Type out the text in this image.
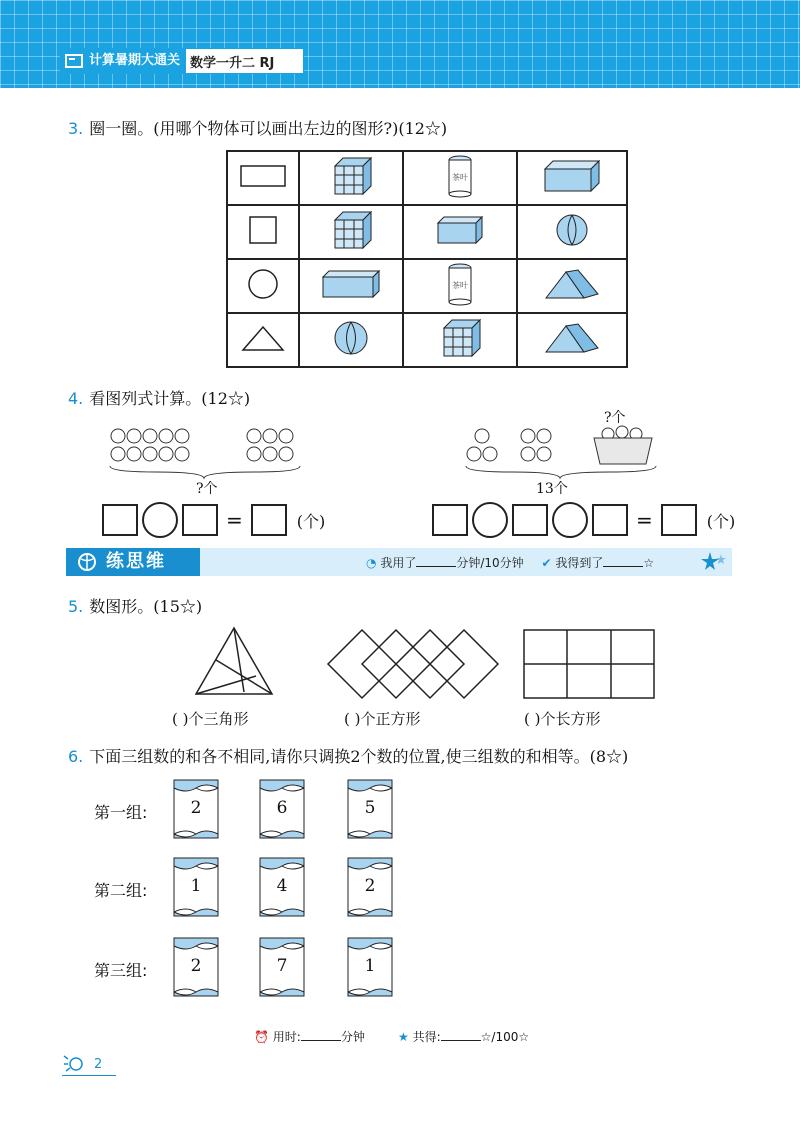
计算暑期大通关 数学一升二 RJ
3. 圈一圈。(用哪个物体可以画出左边的图形?)(12☆)

茶叶

茶叶

4. 看图列式计算。(12☆)
?个
?个
13个
=	(个)	=	(个)
练思维	◔ 我用了	分钟/10分钟 ✔ 我得到了	☆
5. 数图形。(15☆)
( )个三角形	( )个正方形	( )个长方形
6. 下面三组数的和各不相同,请你只调换2个数的位置,使三组数的和相等。(8☆)
第一组:
第二组:
第三组:
2	6	5
1	4	2
2	7	1
⏰ 用时:	分钟	★ 共得:	☆/100☆
2
